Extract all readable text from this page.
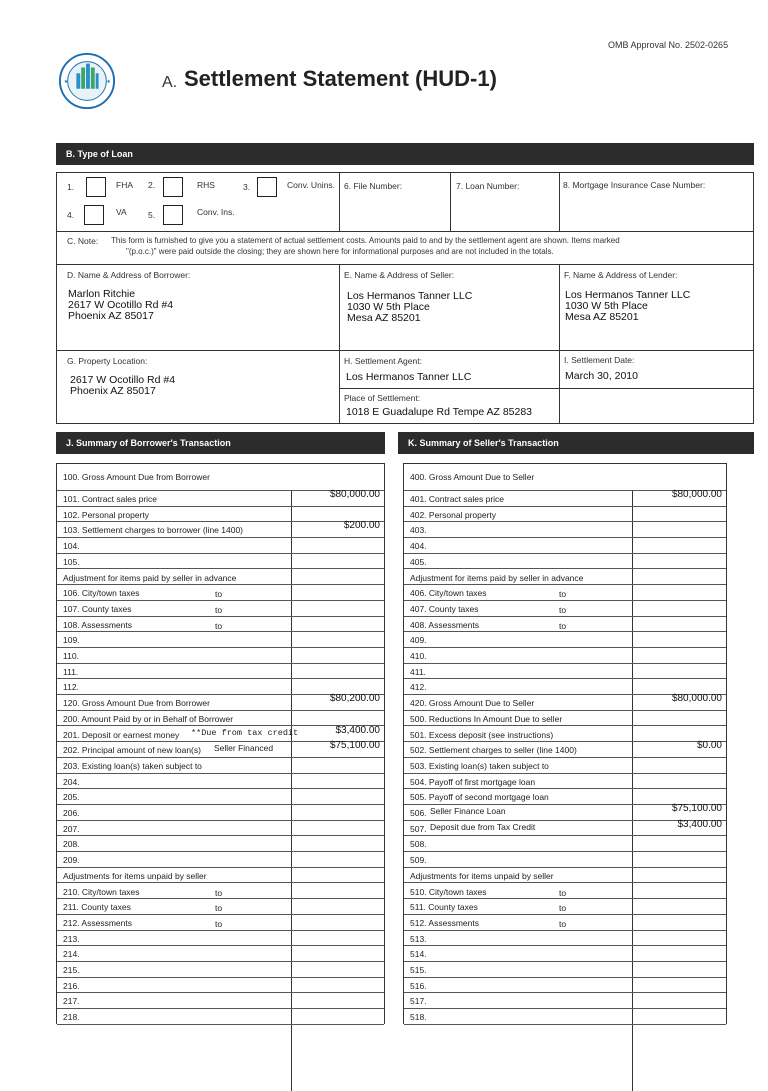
OMB Approval No. 2502-0265
★	★	A. Settlement Statement (HUD-1)
B. Type of Loan
1.	FHA 2.	RHS	3.	Conv. Unins.
4.	VA	5.	Conv. Ins.
6. File Number:	7. Loan Number:	8. Mortgage Insurance Case Number:
C. Note: This form is furnished to give you a statement of actual settlement costs. Amounts paid to and by the settlement agent are shown. Items marked
"(p.o.c.)" were paid outside the closing; they are shown here for informational purposes and are not included in the totals.
D. Name & Address of Borrower:
Marlon Ritchie
2617 W Ocotillo Rd #4
Phoenix AZ 85017
E. Name & Address of Seller:
Los Hermanos Tanner LLC
1030 W 5th Place
Mesa AZ 85201
F. Name & Address of Lender:
Los Hermanos Tanner LLC
1030 W 5th Place
Mesa AZ 85201
G. Property Location:
2617 W Ocotillo Rd #4
Phoenix AZ 85017
H. Settlement Agent:
Los Hermanos Tanner LLC
Place of Settlement:
1018 E Guadalupe Rd Tempe AZ 85283
I. Settlement Date:
March 30, 2010
J. Summary of Borrower's Transaction	K. Summary of Seller's Transaction
100. Gross Amount Due from Borrower
101. Contract sales price	$80,000.00
102. Personal property
103. Settlement charges to borrower (line 1400)	$200.00
104.
105.
Adjustment for items paid by seller in advance
106. City/town taxes	to
107. County taxes	to
108. Assessments	to
109.
110.
111.
112.
120. Gross Amount Due from Borrower	$80,200.00
200. Amount Paid by or in Behalf of Borrower
201. Deposit or earnest money **Due from tax credit	$3,400.00
202. Principal amount of new loan(s) Seller Financed	$75,100.00
203. Existing loan(s) taken subject to
204.
205.
206.
207.
208.
209.
Adjustments for items unpaid by seller
210. City/town taxes	to
211. County taxes	to
212. Assessments	to
213.
214.
215.
216.
217.
218.
400. Gross Amount Due to Seller
401. Contract sales price	$80,000.00
402. Personal property
403.
404.
405.
Adjustment for items paid by seller in advance
406. City/town taxes	to
407. County taxes	to
408. Assessments	to
409.
410.
411.
412.
420. Gross Amount Due to Seller	$80,000.00
500. Reductions In Amount Due to seller
501. Excess deposit (see instructions)
502. Settlement charges to seller (line 1400)	$0.00
503. Existing loan(s) taken subject to
504. Payoff of first mortgage loan
505. Payoff of second mortgage loan
506. Seller Finance Loan	$75,100.00
507. Deposit due from Tax Credit	$3,400.00
508.
509.
Adjustments for items unpaid by seller
510. City/town taxes	to
511. County taxes	to
512. Assessments	to
513.
514.
515.
516.
517.
518.
